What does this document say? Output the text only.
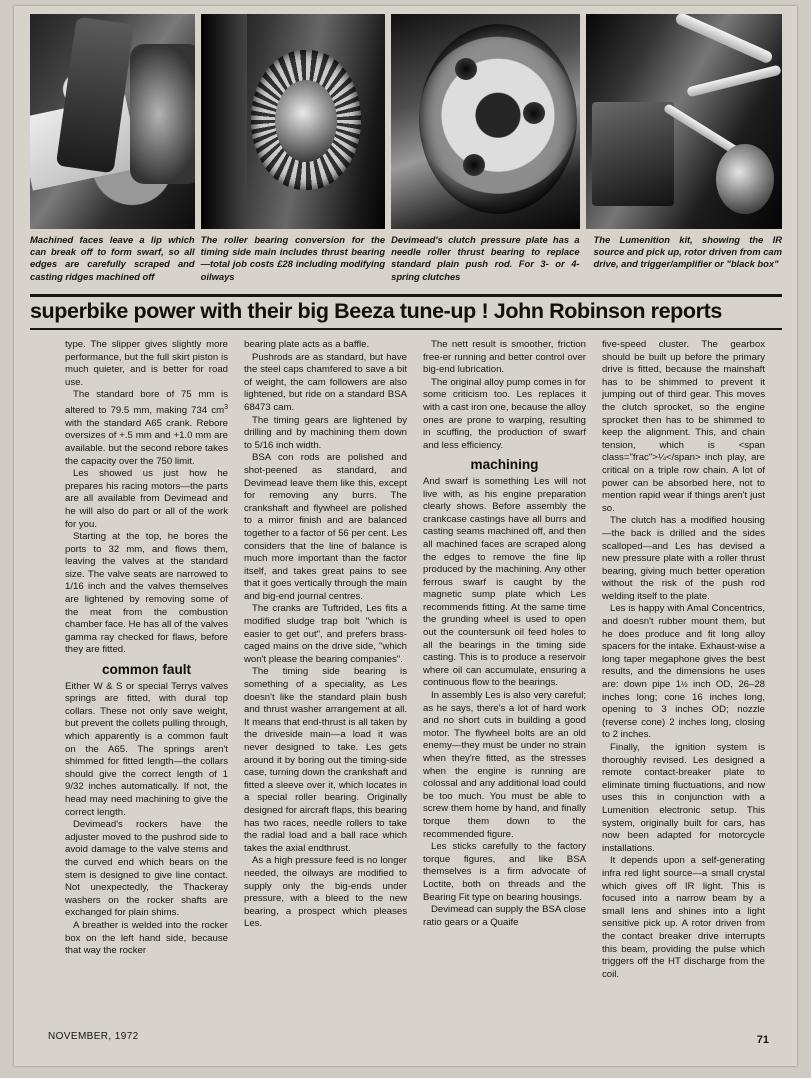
Machined faces leave a lip which can break off to form swarf, so all edges are carefully scraped and casting ridges machined off
The roller bearing conversion for the timing side main includes thrust bearing—total job costs £28 including modifying oilways
Devimead's clutch pressure plate has a needle roller thrust bearing to replace standard plain push rod. For 3- or 4-spring clutches
The Lumenition kit, showing the IR source and pick up, rotor driven from cam drive, and trigger/amplifier or "black box"
superbike power with their big Beeza tune-up ! John Robinson reports

type. The slipper gives slightly more performance, but the full skirt piston is much quieter, and is better for road use.

The standard bore of 75 mm is altered to 79.5 mm, making 734 $cm^3$ with the standard A65 crank. Rebore oversizes of +.5 mm and +1.0 mm are available. but the second rebore takes the capacity over the 750 limit.

Les showed us just how he prepares his racing motors—the parts are all available from Devimead and he will also do part or all of the work for you.

Starting at the top, he bores the ports to 32 mm, and flows them, leaving the valves at the standard size. The valve seats are narrowed to 1/16 inch and the valves themselves are lightened by removing some of the meat from the combustion chamber face. He has all of the valves gamma ray checked for flaws, before they are fitted.

common fault

Either W & S or special Terrys valves springs are fitted, with dural top collars. These not only save weight, but prevent the collets pulling through, which apparently is a common fault on the A65. The springs aren't shimmed for fitted length—the collars should give the correct length of 1 9/32 inches automatically. If not, the head may need machining to give the correct length.

Devimead's rockers have the adjuster moved to the pushrod side to avoid damage to the valve stems and the curved end which bears on the stem is designed to give line contact. Not unexpectedly, the Thackeray washers on the rocker shafts are exchanged for plain shims.

A breather is welded into the rocker box on the left hand side, because that way the rocker

bearing plate acts as a baffle.

Pushrods are as standard, but have the steel caps chamfered to save a bit of weight, the cam followers are also lightened, but ride on a standard BSA 68473 cam.

The timing gears are lightened by drilling and by machining them down to 5/16 inch width.

BSA con rods are polished and shot-peened as standard, and Devimead leave them like this, except for removing any burrs. The crankshaft and flywheel are polished to a mirror finish and are balanced together to a factor of 56 per cent. Les considers that the line of balance is much more important than the factor itself, and takes great pains to see that it goes vertically through the main and big-end journal centres.

The cranks are Tuftrided, Les fits a modified sludge trap bolt "which is easier to get out", and prefers brass-caged mains on the drive side, "which won't please the bearing companies".

The timing side bearing is something of a speciality, as Les doesn't like the standard plain bush and thrust washer arrangement at all. It means that end-thrust is all taken by the driveside main—a load it was never designed to take. Les gets around it by boring out the timing-side case, turning down the crankshaft and fitted a sleeve over it, which locates in a special roller bearing. Originally designed for aircraft flaps, this bearing has two races, needle rollers to take the radial load and a ball race which takes the axial endthrust.

As a high pressure feed is no longer needed, the oilways are modified to supply only the big-ends under pressure, with a bleed to the new bearing, a prospect which pleases Les.

The nett result is smoother, friction free-er running and better control over big-end lubrication.

The original alloy pump comes in for some criticism too. Les replaces it with a cast iron one, because the alloy ones are prone to warping, resulting in scuffing, the production of swarf and less efficiency.

machining

And swarf is something Les will not live with, as his engine preparation clearly shows. Before assembly the crankcase castings have all burrs and casting seams machined off, and then all machined faces are scraped along the edges to remove the fine lip produced by the machining. Any other ferrous swarf is caught by the magnetic sump plate which Les recommends fitting. At the same time the grunding wheel is used to open out the countersunk oil feed holes to all the bearings in the timing side casting. This is to produce a reservoir where oil can accumulate, ensuring a continuous flow to the bearings.

In assembly Les is also very careful; as he says, there's a lot of hard work and no short cuts in building a good motor. The flywheel bolts are an old enemy—they must be under no strain when they're fitted, as the stresses when the engine is running are colossal and any additional load could be too much. You must be able to screw them home by hand, and finally torque them down to the recommended figure.

Les sticks carefully to the factory torque figures, and like BSA themselves is a firm advocate of Loctite, both on threads and the Bearing Fit type on bearing housings.

Devimead can supply the BSA close ratio gears or a Quaife

five-speed cluster. The gearbox should be built up before the primary drive is fitted, because the mainshaft has to be shimmed to prevent it jumping out of third gear. This moves the clutch sprocket, so the engine sprocket then has to be shimmed to keep the alignment. This, and chain tension, which is <span class="frac">¼</span> inch play, are critical on a triple row chain. A lot of power can be absorbed here, not to mention rapid wear if things aren't just so.

The clutch has a modified housing—the back is drilled and the sides scalloped—and Les has devised a new pressure plate with a roller thrust bearing, giving much better operation without the risk of the push rod welding itself to the plate.

Les is happy with Amal Concentrics, and doesn't rubber mount them, but he does produce and fit long alloy spacers for the intake. Exhaust-wise a long taper megaphone gives the best results, and the dimensions he uses are: down pipe 1½ inch OD, 26–28 inches long; cone 16 inches long, opening to 3 inches OD; nozzle (reverse cone) 2 inches long, closing to 2 inches.

Finally, the ignition system is thoroughly revised. Les designed a remote contact-breaker plate to eliminate timing fluctuations, and now uses this in conjunction with a Lumenition electronic setup. This system, originally built for cars, has now been adapted for motorcycle installations.

It depends upon a self-generating infra red light source—a small crystal which gives off IR light. This is focused into a narrow beam by a small lens and shines into a light sensitive pick up. A rotor driven from the contact breaker drive interrupts this beam, providing the pulse which triggers off the HT discharge from the coil.

NOVEMBER, 1972	71
